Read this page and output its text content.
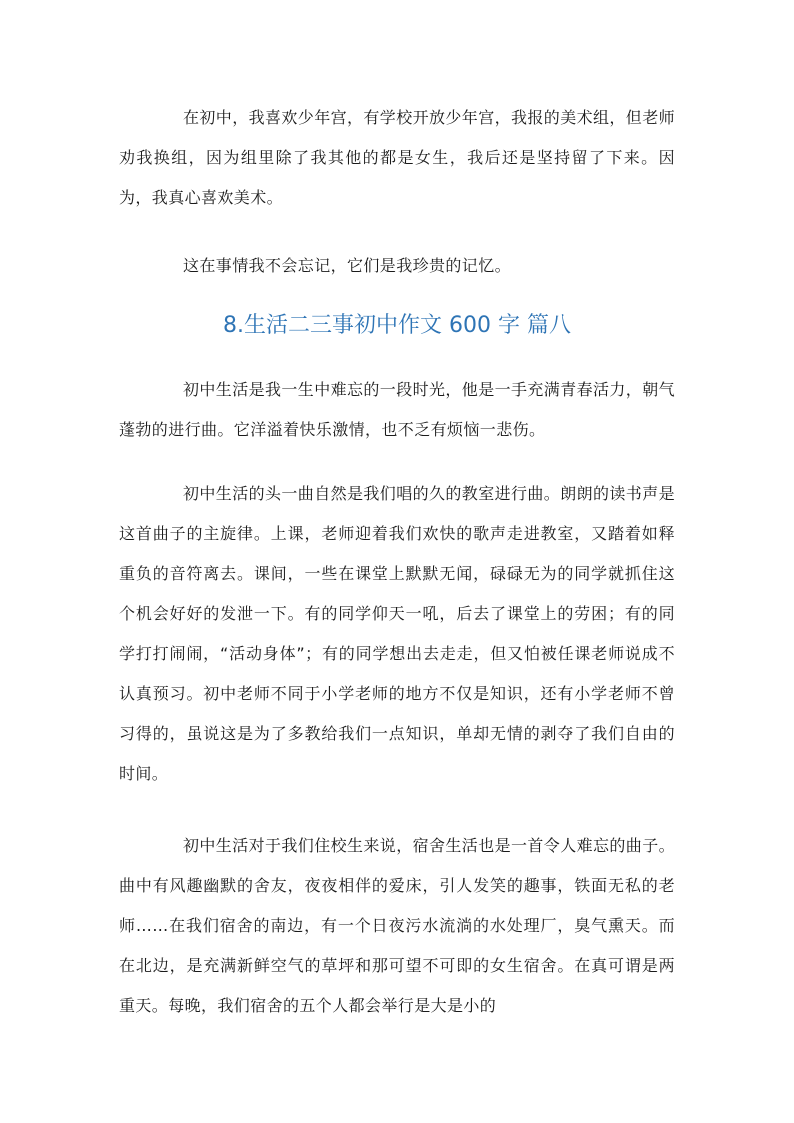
在初中，我喜欢少年宫，有学校开放少年宫，我报的美术组，但老师劝我换组，因为组里除了我其他的都是女生，我后还是坚持留了下来。因为，我真心喜欢美术。

这在事情我不会忘记，它们是我珍贵的记忆。

8.生活二三事初中作文 600 字 篇八

初中生活是我一生中难忘的一段时光，他是一手充满青春活力，朝气蓬勃的进行曲。它洋溢着快乐激情，也不乏有烦恼一悲伤。

初中生活的头一曲自然是我们唱的久的教室进行曲。朗朗的读书声是这首曲子的主旋律。上课，老师迎着我们欢快的歌声走进教室，又踏着如释重负的音符离去。课间，一些在课堂上默默无闻，碌碌无为的同学就抓住这个机会好好的发泄一下。有的同学仰天一吼，后去了课堂上的劳困；有的同学打打闹闹，“活动身体”；有的同学想出去走走，但又怕被任课老师说成不认真预习。初中老师不同于小学老师的地方不仅是知识，还有小学老师不曾习得的，虽说这是为了多教给我们一点知识，单却无情的剥夺了我们自由的时间。

初中生活对于我们住校生来说，宿舍生活也是一首令人难忘的曲子。曲中有风趣幽默的舍友，夜夜相伴的爱床，引人发笑的趣事，铁面无私的老师……在我们宿舍的南边，有一个日夜污水流淌的水处理厂，臭气熏天。而在北边，是充满新鲜空气的草坪和那可望不可即的女生宿舍。在真可谓是两重天。每晚，我们宿舍的五个人都会举行是大是小的
